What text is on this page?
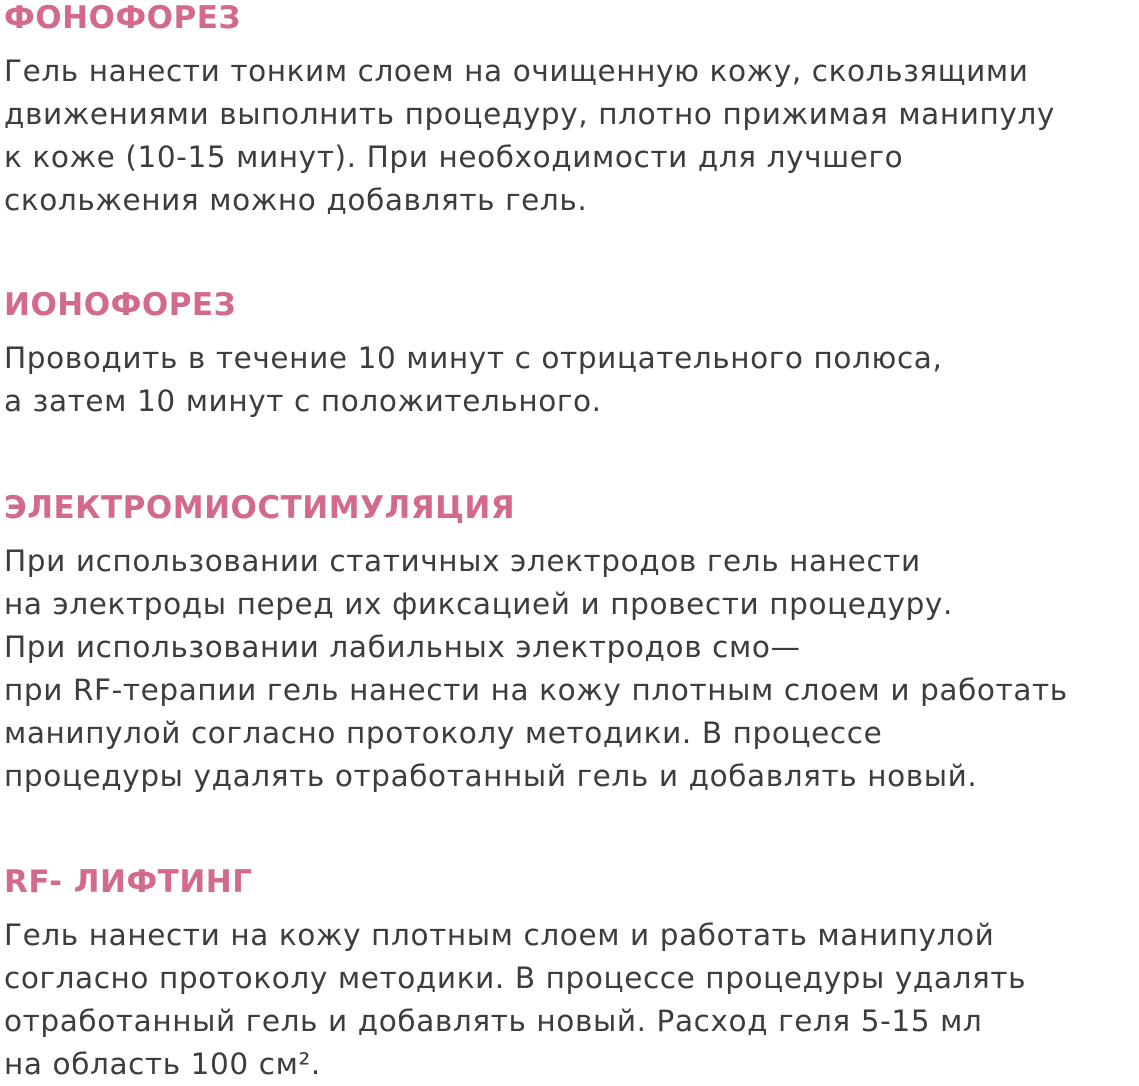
ФОНОФОРЕЗ

Гель нанести тонким слоем на очищенную кожу, скользящими
движениями выполнить процедуру, плотно прижимая манипулу
к коже (10-15 минут). При необходимости для лучшего
скольжения можно добавлять гель.

ИОНОФОРЕЗ

Проводить в течение 10 минут с отрицательного полюса,
а затем 10 минут с положительного.

ЭЛЕКТРОМИОСТИМУЛЯЦИЯ

При использовании статичных электродов гель нанести
на электроды перед их фиксацией и провести процедуру.
При использовании лабильных электродов смо—
при RF-терапии гель нанести на кожу плотным слоем и работать
манипулой согласно протоколу методики. В процессе
процедуры удалять отработанный гель и добавлять новый.

RF- ЛИФТИНГ

Гель нанести на кожу плотным слоем и работать манипулой
согласно протоколу методики. В процессе процедуры удалять
отработанный гель и добавлять новый. Расход геля 5-15 мл
на область 100 см².
